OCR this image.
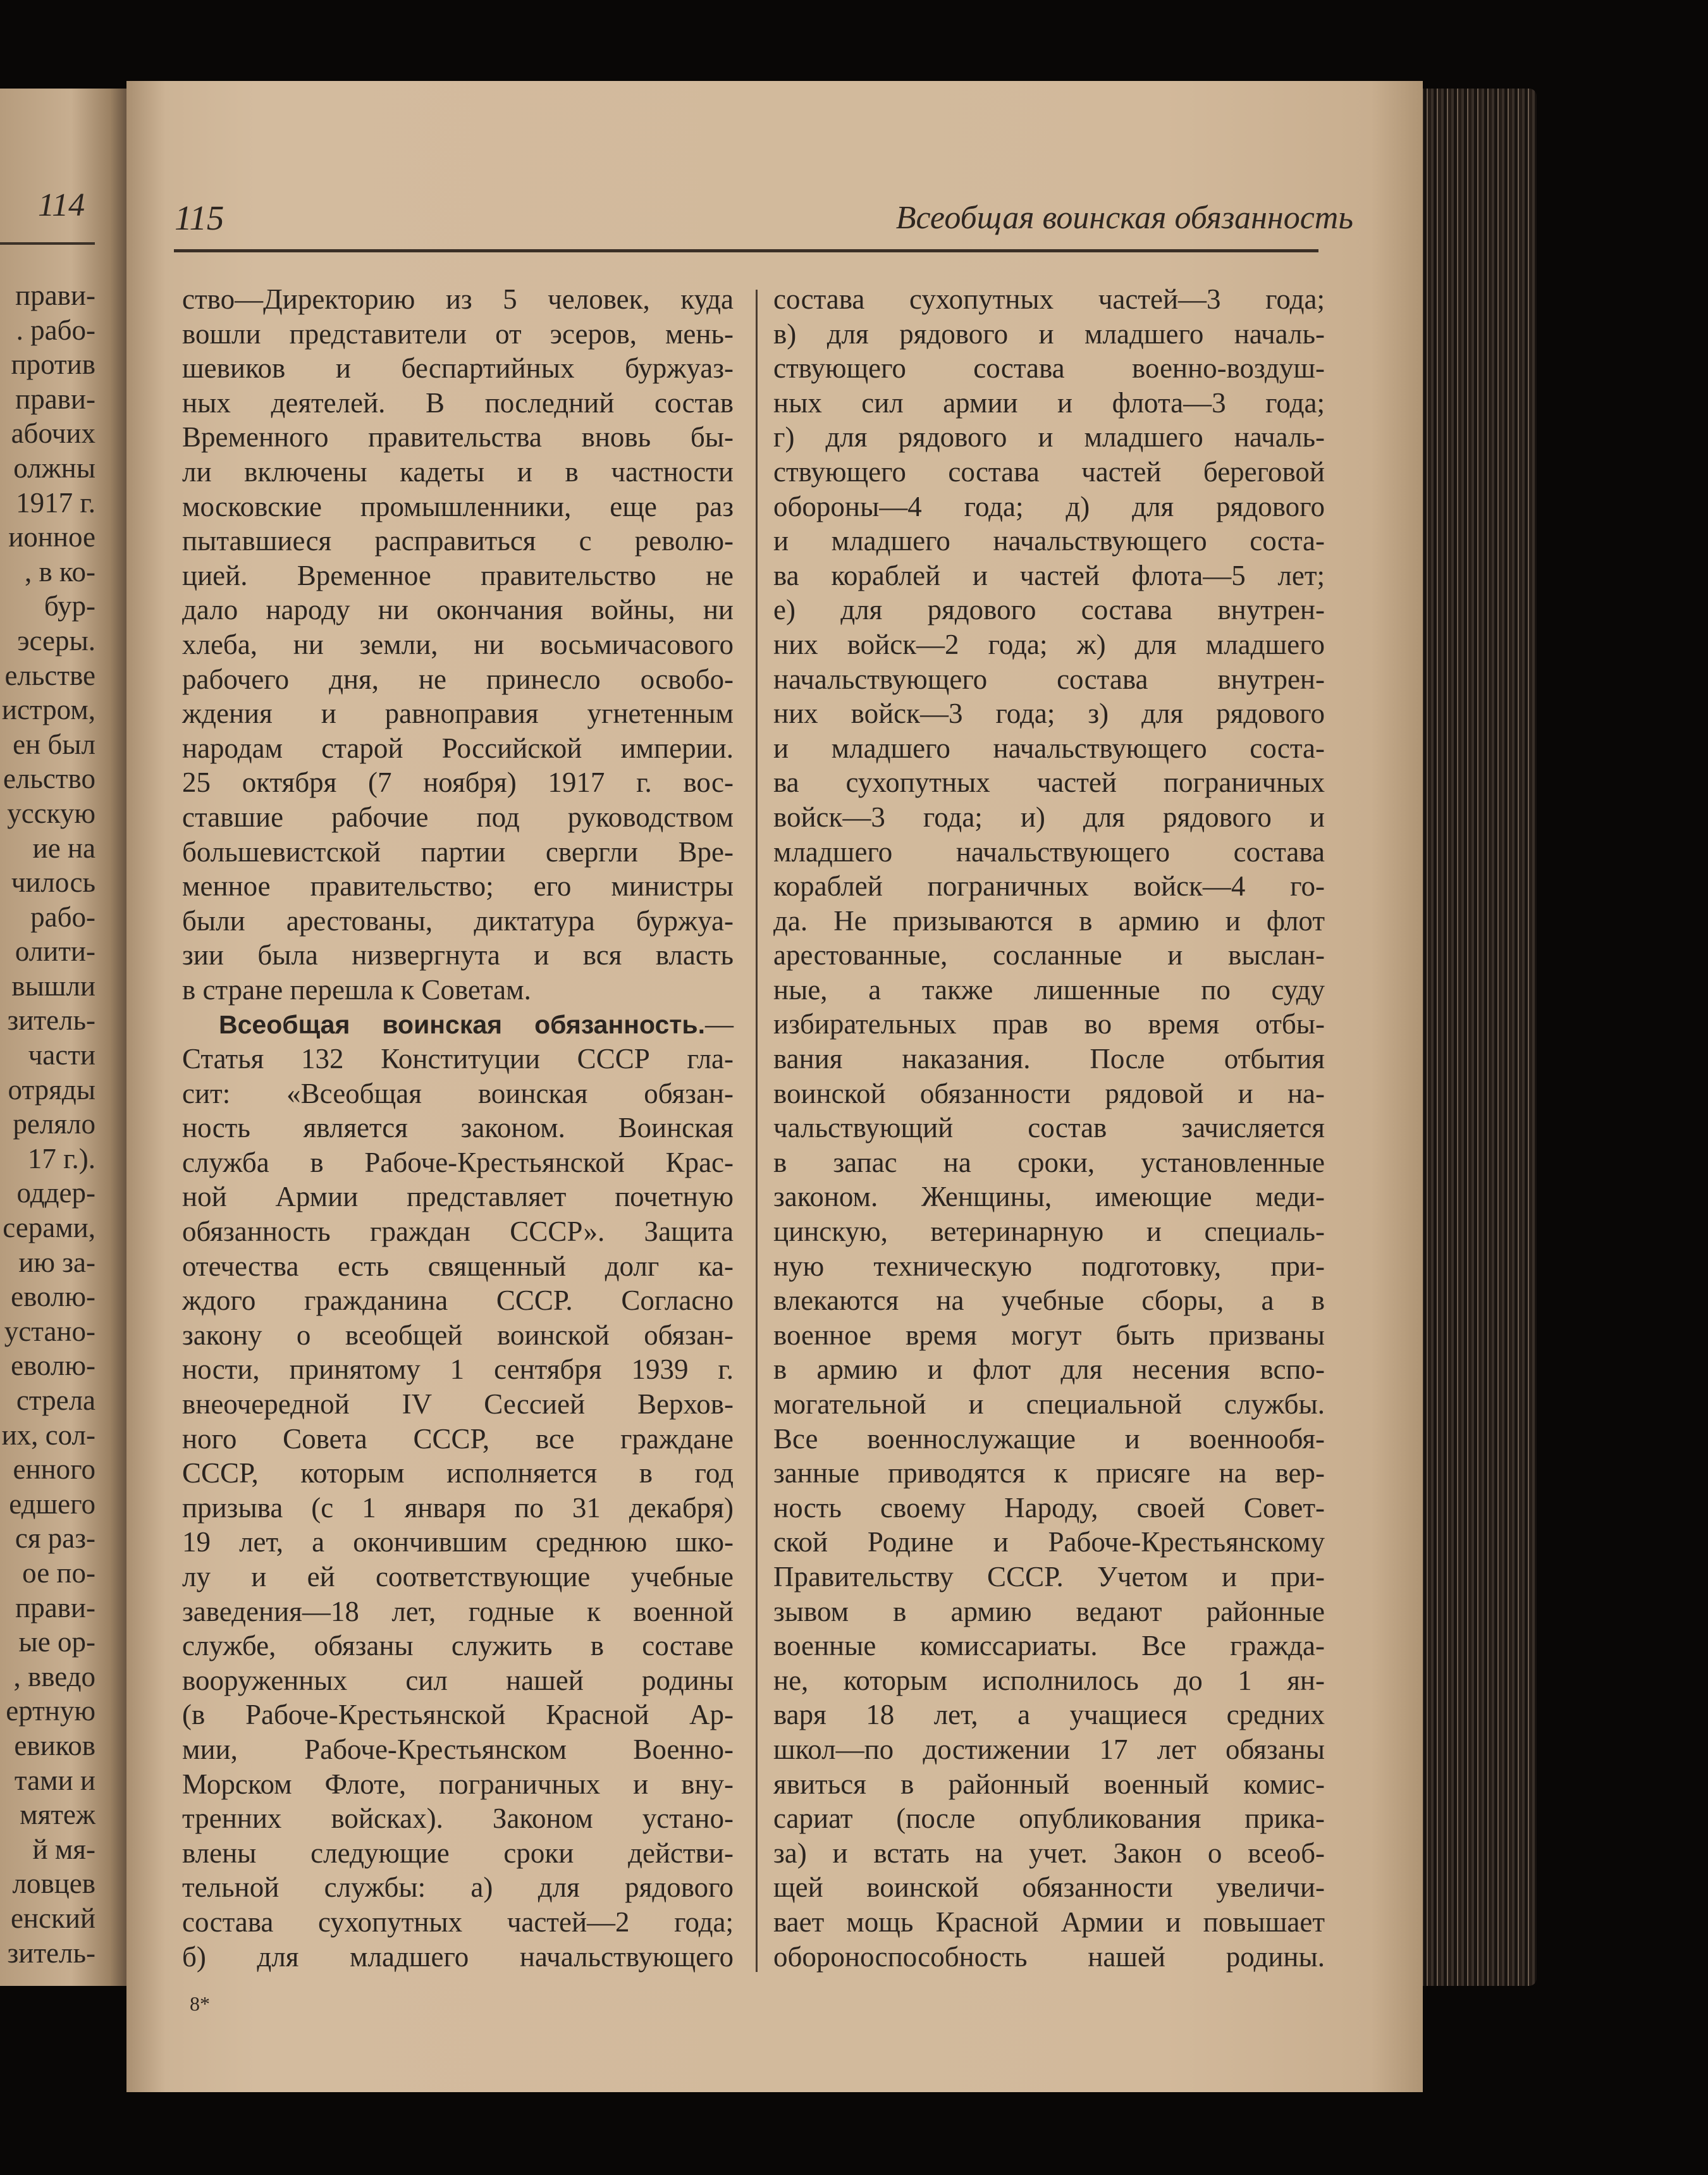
114
прави-
. рабо-
против
прави-
абочих
олжны
1917 г.
ионное
, в ко-
бур-
эсеры.
ельстве
истром,
ен был
ельство
усскую
ие на
чилось
рабо-
олити-
вышли
зитель-
части
отряды
реляло
17 г.).
оддер-
серами,
ию за-
еволю-
устано-
еволю-
стрела
их, сол-
енного
едшего
ся раз-
ое по-
прави-
ые ор-
, введо
ертную
евиков
тами и
мятеж
й мя-
ловцев
енский
зитель-
115	Всеобщая воинская обязанность
ство—Директорию из 5 человек, куда
вошли представители от эсеров, мень-
шевиков и беспартийных буржуаз-
ных деятелей. В последний состав
Временного правительства вновь бы-
ли включены кадеты и в частности
московские промышленники, еще раз
пытавшиеся расправиться с револю-
цией. Временное правительство не
дало народу ни окончания войны, ни
хлеба, ни земли, ни восьмичасового
рабочего дня, не принесло освобо-
ждения и равноправия угнетенным
народам старой Российской империи.
25 октября (7 ноября) 1917 г. вос-
ставшие рабочие под руководством
большевистской партии свергли Вре-
менное правительство; его министры
были арестованы, диктатура буржуа-
зии была низвергнута и вся власть
в стране перешла к Советам.
Всеобщая воинская обязанность.—
Статья 132 Конституции СССР гла-
сит: «Всеобщая воинская обязан-
ность является законом. Воинская
служба в Рабоче-Крестьянской Крас-
ной Армии представляет почетную
обязанность граждан СССР». Защита
отечества есть священный долг ка-
ждого гражданина СССР. Согласно
закону о всеобщей воинской обязан-
ности, принятому 1 сентября 1939 г.
внеочередной IV Сессией Верхов-
ного Совета СССР, все граждане
СССР, которым исполняется в год
призыва (с 1 января по 31 декабря)
19 лет, а окончившим среднюю шко-
лу и ей соответствующие учебные
заведения—18 лет, годные к военной
службе, обязаны служить в составе
вооруженных сил нашей родины
(в Рабоче-Крестьянской Красной Ар-
мии, Рабоче-Крестьянском Военно-
Морском Флоте, пограничных и вну-
тренних войсках). Законом устано-
влены следующие сроки действи-
тельной службы: а) для рядового
состава сухопутных частей—2 года;
б) для младшего начальствующего
состава сухопутных частей—3 года;
в) для рядового и младшего началь-
ствующего состава военно-воздуш-
ных сил армии и флота—3 года;
г) для рядового и младшего началь-
ствующего состава частей береговой
обороны—4 года; д) для рядового
и младшего начальствующего соста-
ва кораблей и частей флота—5 лет;
е) для рядового состава внутрен-
них войск—2 года; ж) для младшего
начальствующего состава внутрен-
них войск—3 года; з) для рядового
и младшего начальствующего соста-
ва сухопутных частей пограничных
войск—3 года; и) для рядового и
младшего начальствующего состава
кораблей пограничных войск—4 го-
да. Не призываются в армию и флот
арестованные, сосланные и выслан-
ные, а также лишенные по суду
избирательных прав во время отбы-
вания наказания. После отбытия
воинской обязанности рядовой и на-
чальствующий состав зачисляется
в запас на сроки, установленные
законом. Женщины, имеющие меди-
цинскую, ветеринарную и специаль-
ную техническую подготовку, при-
влекаются на учебные сборы, а в
военное время могут быть призваны
в армию и флот для несения вспо-
могательной и специальной службы.
Все военнослужащие и военнообя-
занные приводятся к присяге на вер-
ность своему Народу, своей Совет-
ской Родине и Рабоче-Крестьянскому
Правительству СССР. Учетом и при-
зывом в армию ведают районные
военные комиссариаты. Все гражда-
не, которым исполнилось до 1 ян-
варя 18 лет, а учащиеся средних
школ—по достижении 17 лет обязаны
явиться в районный военный комис-
сариат (после опубликования прика-
за) и встать на учет. Закон о всеоб-
щей воинской обязанности увеличи-
вает мощь Красной Армии и повышает
обороноспособность нашей родины.
8*
